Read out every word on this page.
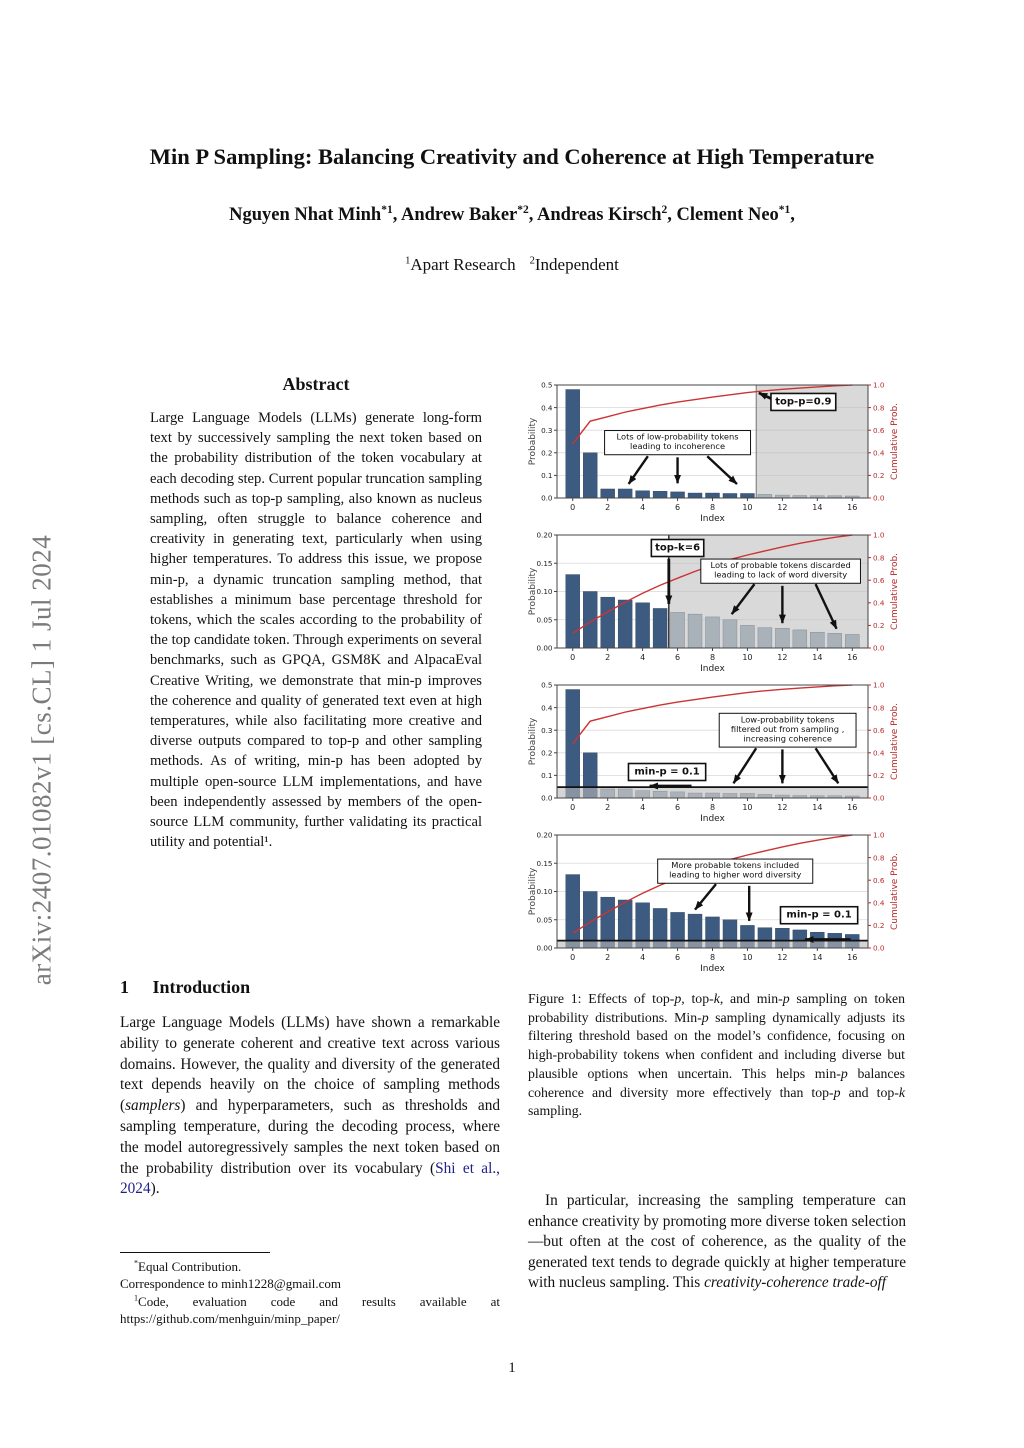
arXiv:2407.01082v1 [cs.CL] 1 Jul 2024
Min P Sampling: Balancing Creativity and Coherence at High Temperature
Nguyen Nhat Minh$^{*1}$, Andrew Baker$^{*2}$, Andreas Kirsch$^2$, Clement Neo$^{*1}$,
$^1$Apart Research $^2$Independent
Abstract

Large Language Models (LLMs) generate long-form text by successively sampling the next token based on the probability distribution of the token vocabulary at each decoding step. Current popular truncation sampling methods such as top-p sampling, also known as nucleus sampling, often struggle to balance coherence and creativity in generating text, particularly when using higher temperatures. To address this issue, we propose min-p, a dynamic truncation sampling method, that establishes a minimum base percentage threshold for tokens, which the scales according to the probability of the top candidate token. Through experiments on several benchmarks, such as GPQA, GSM8K and AlpacaEval Creative Writing, we demonstrate that min-p improves the coherence and quality of generated text even at high temperatures, while also facilitating more creative and diverse outputs compared to top-p and other sampling methods. As of writing, min-p has been adopted by multiple open-source LLM implementations, and have been independently assessed by members of the open-source LLM community, further validating its practical utility and potential¹.

1 Introduction

Large Language Models (LLMs) have shown a remarkable ability to generate coherent and creative text across various domains. However, the quality and diversity of the generated text depends heavily on the choice of sampling methods (samplers) and hyperparameters, such as thresholds and sampling temperature, during the decoding process, where the model autoregressively samples the next token based on the probability distribution over its vocabulary (Shi et al., 2024).

*Equal Contribution.
Correspondence to minh1228@gmail.com
$^1$Code, evaluation code and results available at https://github.com/menhguin/minp_paper/
0	2	4	6	8	10	12	14	16
0.0
0.1
0.2
0.3
0.4
0.5
0.0
0.2
0.4
0.6
0.8
1.0
Index
Probability	Cumulative Prob.
Lots of low-probability tokens
leading to incoherence
top-p=0.9
0	2	4	6	8	10	12	14	16
0.00
0.05
0.10
0.15
0.20
0.0
0.2
0.4
0.6
0.8
1.0
Index
Probability	Cumulative Prob.
top-k=6
Lots of probable tokens discarded
leading to lack of word diversity
0	2	4	6	8	10	12	14	16
0.0
0.1
0.2
0.3
0.4
0.5
0.0
0.2
0.4
0.6
0.8
1.0
Index
Probability	Cumulative Prob.
Low-probability tokens
filtered out from sampling ,
increasing coherence
min-p = 0.1
0	2	4	6	8	10	12	14	16
0.00
0.05
0.10
0.15
0.20
0.0
0.2
0.4
0.6
0.8
1.0
Index
Probability	Cumulative Prob.
More probable tokens included
leading to higher word diversity
min-p = 0.1
Figure 1: Effects of top-p, top-k, and min-p sampling on token probability distributions. Min-p sampling dynamically adjusts its filtering threshold based on the model’s confidence, focusing on high-probability tokens when confident and including diverse but plausible options when uncertain. This helps min-p balances coherence and diversity more effectively than top-p and top-k sampling.

In particular, increasing the sampling temperature can enhance creativity by promoting more diverse token selection—but often at the cost of coherence, as the quality of the generated text tends to degrade quickly at higher temperature with nucleus sampling. This creativity-coherence trade-off

1
